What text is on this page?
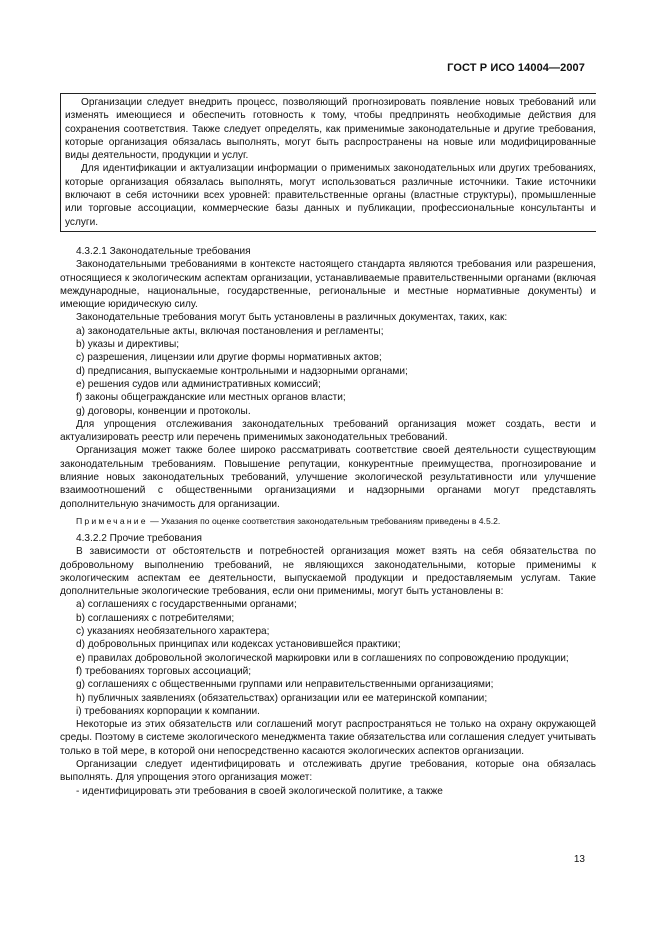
ГОСТ Р ИСО 14004—2007

Организации следует внедрить процесс, позволяющий прогнозировать появление новых требований или изменять имеющиеся и обеспечить готовность к тому, чтобы предпринять необходимые действия для сохранения соответствия. Также следует определять, как применимые законодательные и другие требования, которые организация обязалась выполнять, могут быть распространены на новые или модифицированные виды деятельности, продукции и услуг.

Для идентификации и актуализации информации о применимых законодательных или других требованиях, которые организация обязалась выполнять, могут использоваться различные источники. Такие источники включают в себя источники всех уровней: правительственные органы (властные структуры), промышленные или торговые ассоциации, коммерческие базы данных и публикации, профессиональные консультанты и услуги.

4.3.2.1 Законодательные требования

Законодательными требованиями в контексте настоящего стандарта являются требования или разрешения, относящиеся к экологическим аспектам организации, устанавливаемые правительственными органами (включая международные, национальные, государственные, региональные и местные нормативные документы) и имеющие юридическую силу.

Законодательные требования могут быть установлены в различных документах, таких, как:

a) законодательные акты, включая постановления и регламенты;

b) указы и директивы;

c) разрешения, лицензии или другие формы нормативных актов;

d) предписания, выпускаемые контрольными и надзорными органами;

e) решения судов или административных комиссий;

f) законы общегражданские или местных органов власти;

g) договоры, конвенции и протоколы.

Для упрощения отслеживания законодательных требований организация может создать, вести и актуализировать реестр или перечень применимых законодательных требований.

Организация может также более широко рассматривать соответствие своей деятельности существующим законодательным требованиям. Повышение репутации, конкурентные преимущества, прогнозирование и влияние новых законодательных требований, улучшение экологической результативности или улучшение взаимоотношений с общественными организациями и надзорными органами могут представлять дополнительную значимость для организации.

Примечание — Указания по оценке соответствия законодательным требованиям приведены в 4.5.2.

4.3.2.2 Прочие требования

В зависимости от обстоятельств и потребностей организация может взять на себя обязательства по добровольному выполнению требований, не являющихся законодательными, которые применимы к экологическим аспектам ее деятельности, выпускаемой продукции и предоставляемым услугам. Такие дополнительные экологические требования, если они применимы, могут быть установлены в:

a) соглашениях с государственными органами;

b) соглашениях с потребителями;

c) указаниях необязательного характера;

d) добровольных принципах или кодексах установившейся практики;

e) правилах добровольной экологической маркировки или в соглашениях по сопровождению продукции;

f) требованиях торговых ассоциаций;

g) соглашениях с общественными группами или неправительственными организациями;

h) публичных заявлениях (обязательствах) организации или ее материнской компании;

i) требованиях корпорации к компании.

Некоторые из этих обязательств или соглашений могут распространяться не только на охрану окружающей среды. Поэтому в системе экологического менеджмента такие обязательства или соглашения следует учитывать только в той мере, в которой они непосредственно касаются экологических аспектов организации.

Организации следует идентифицировать и отслеживать другие требования, которые она обязалась выполнять. Для упрощения этого организация может:

- идентифицировать эти требования в своей экологической политике, а также

13
